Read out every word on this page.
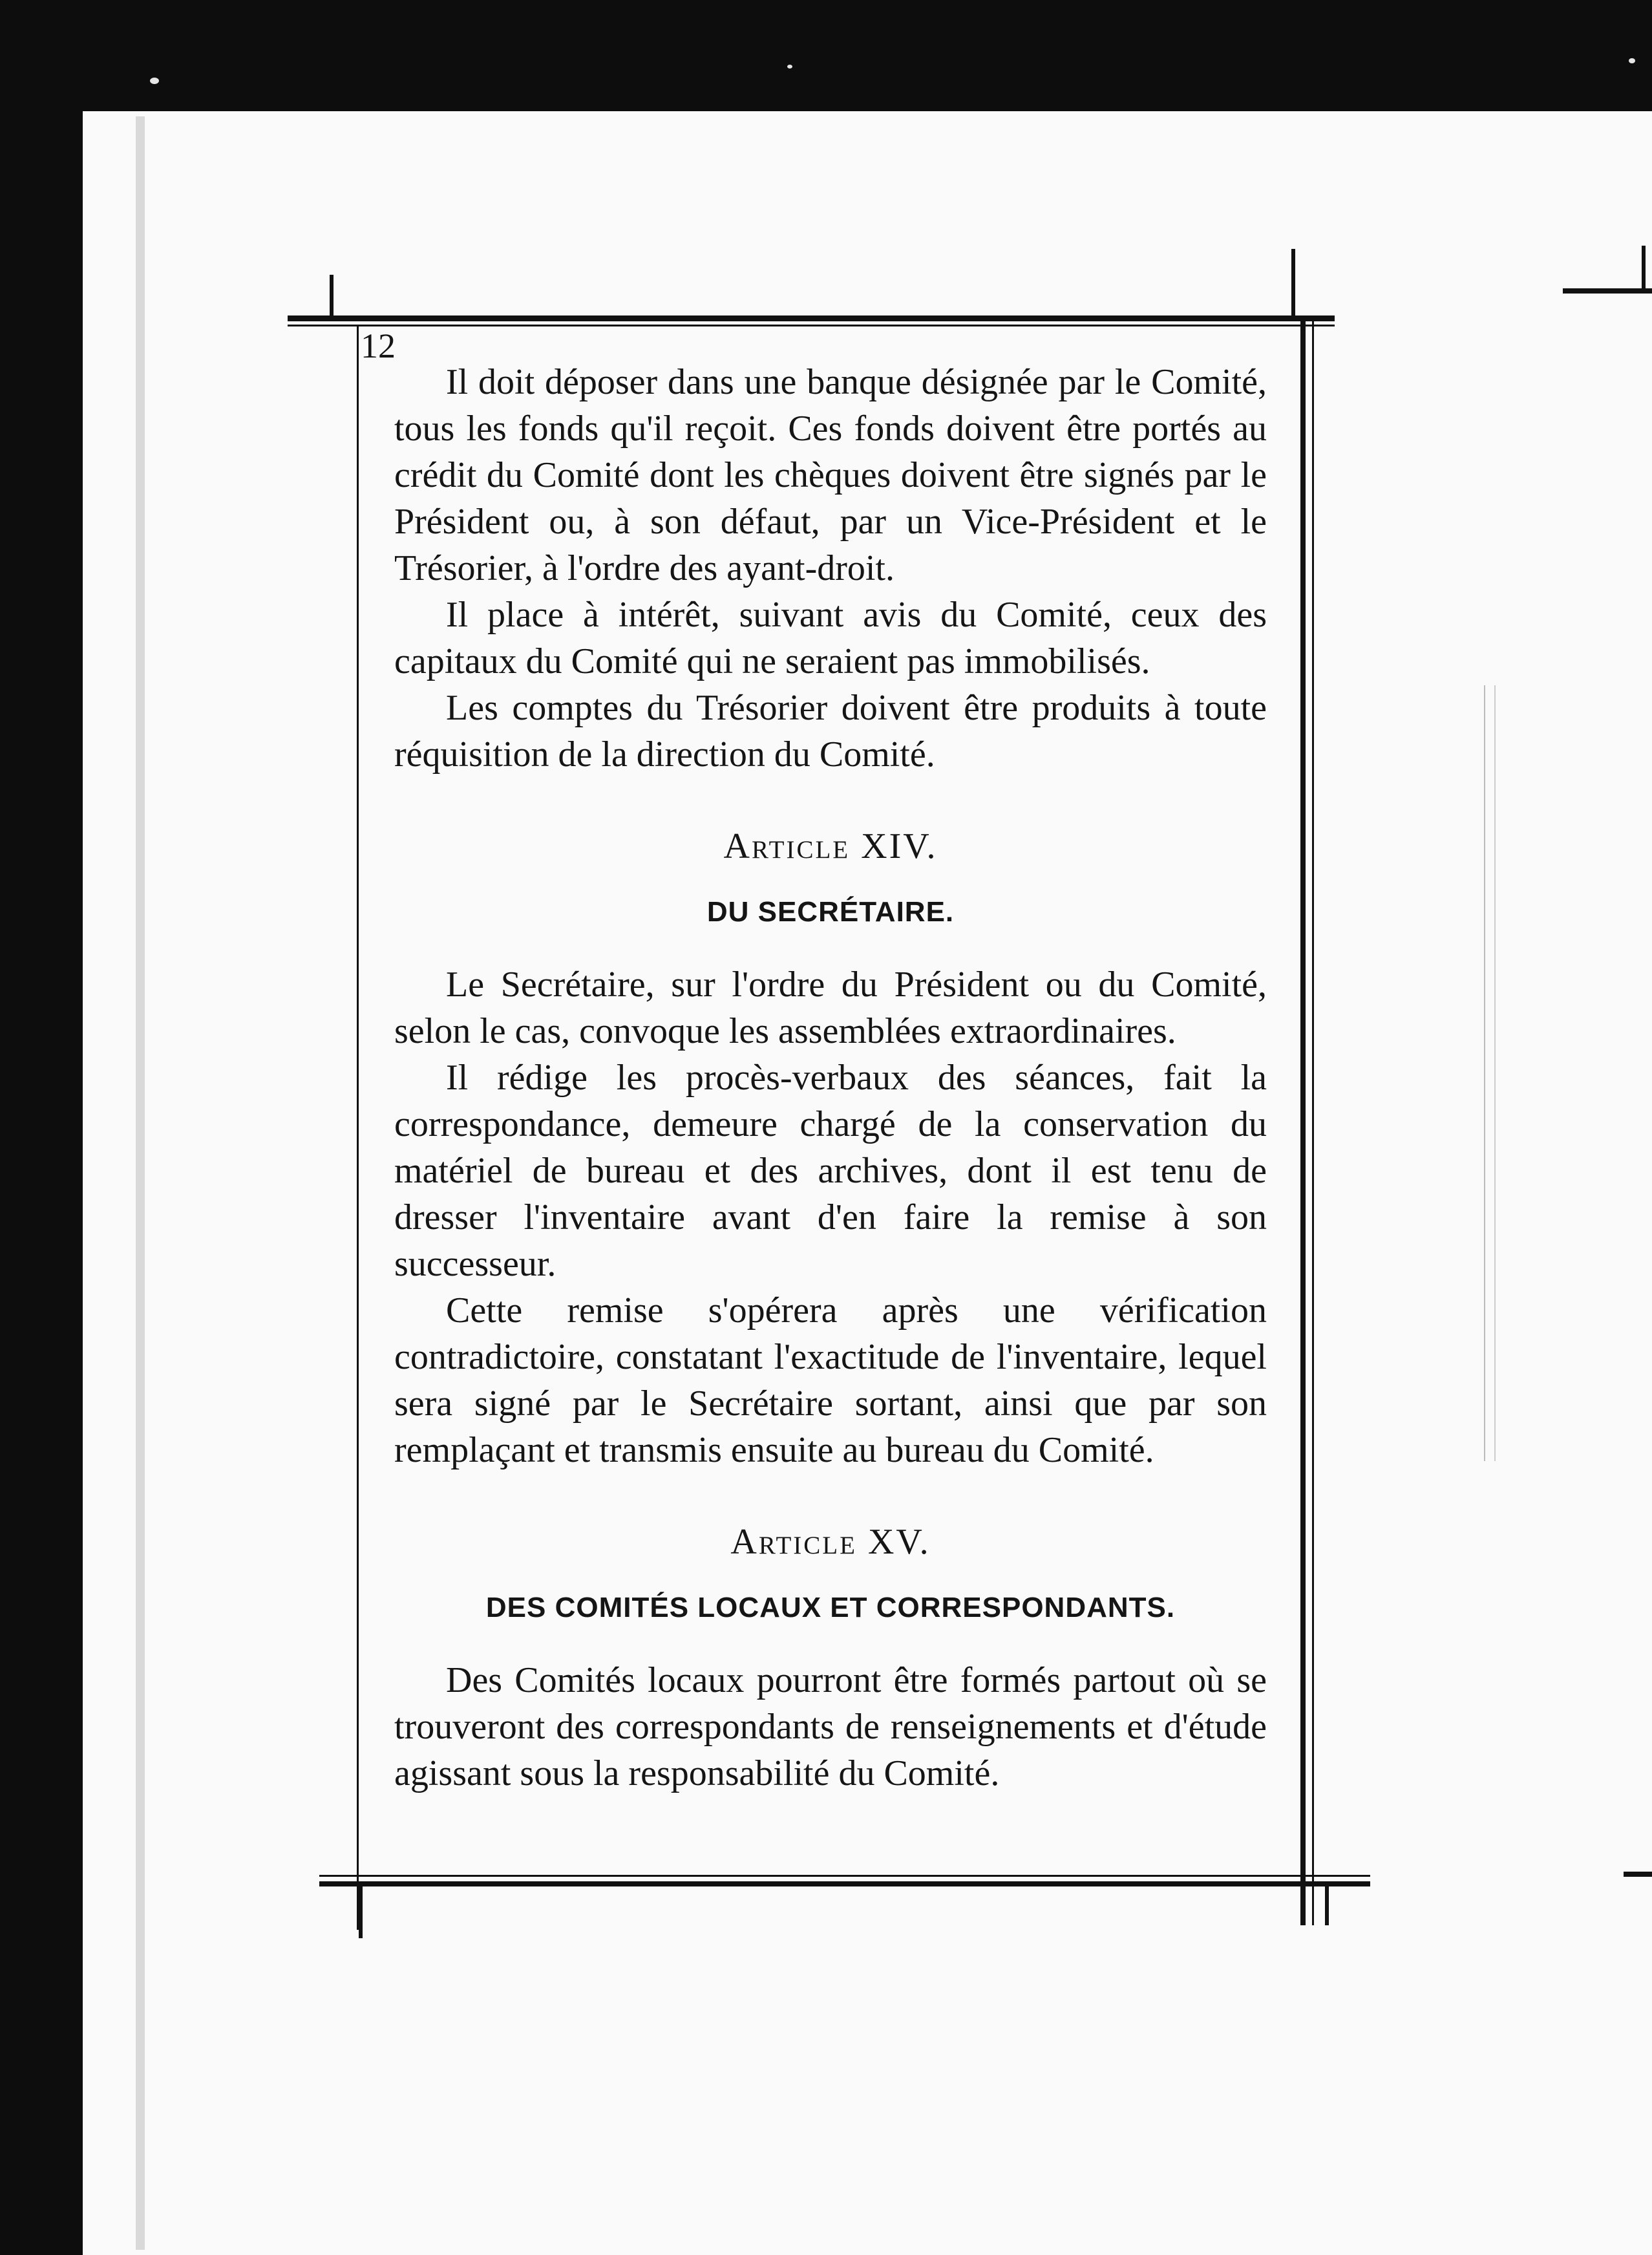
12

Il doit déposer dans une banque désignée par le Comité, tous les fonds qu'il reçoit. Ces fonds doivent être portés au crédit du Comité dont les chèques doivent être signés par le Président ou, à son défaut, par un Vice-Président et le Trésorier, à l'ordre des ayant-droit.

Il place à intérêt, suivant avis du Comité, ceux des capitaux du Comité qui ne seraient pas immobilisés.

Les comptes du Trésorier doivent être produits à toute réquisition de la direction du Comité.

Article XIV.
DU SECRÉTAIRE.

Le Secrétaire, sur l'ordre du Président ou du Comité, selon le cas, convoque les assemblées extraordinaires.

Il rédige les procès-verbaux des séances, fait la correspondance, demeure chargé de la conservation du matériel de bureau et des archives, dont il est tenu de dresser l'inventaire avant d'en faire la remise à son successeur.

Cette remise s'opérera après une vérification contradictoire, constatant l'exactitude de l'inventaire, lequel sera signé par le Secrétaire sortant, ainsi que par son remplaçant et transmis ensuite au bureau du Comité.

Article XV.
DES COMITÉS LOCAUX ET CORRESPONDANTS.

Des Comités locaux pourront être formés partout où se trouveront des correspondants de renseignements et d'étude agissant sous la responsabilité du Comité.
